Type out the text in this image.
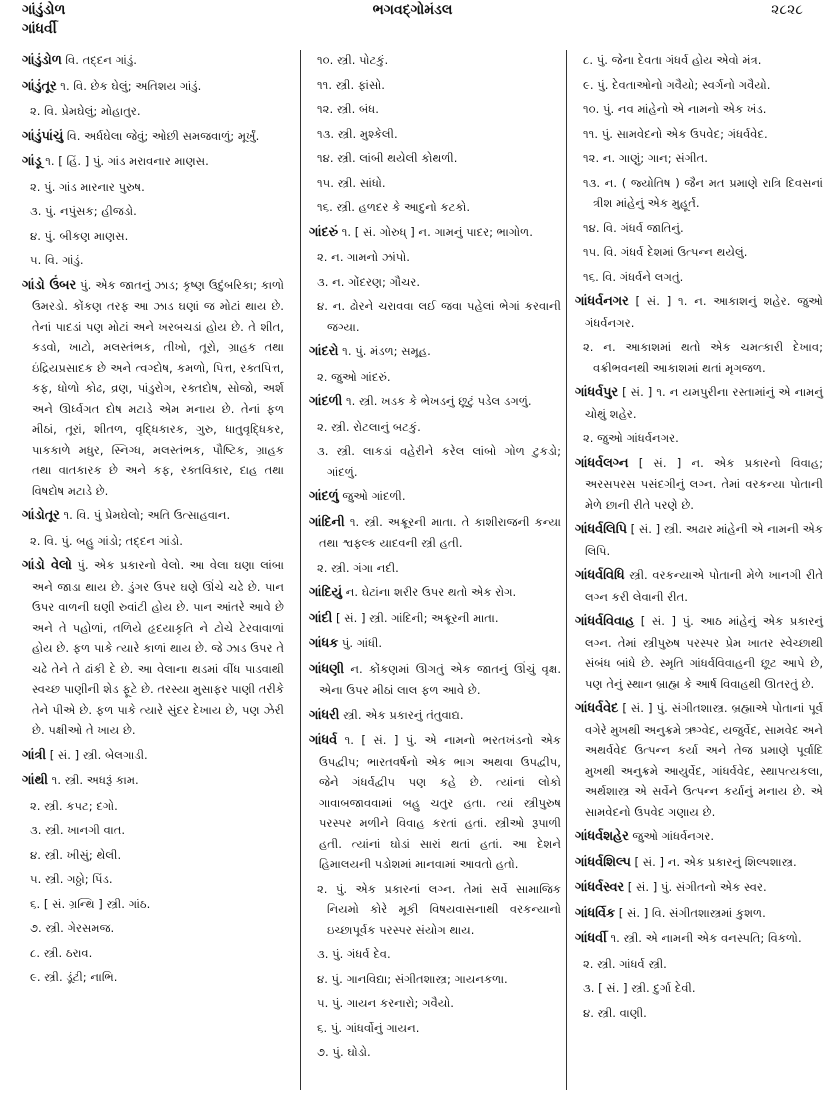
ગાંડુંડોળ
ગાંધર્વી
ભગવદ્ગોમંડલ	૨૮૨૮
ગાંડુંડોળ વિ. તદ્દન ગાંડું.
ગાંડુંતૂર ૧. વિ. છેક ઘેલું; અતિશય ગાંડું.
૨. વિ. પ્રેમઘેલું; મોહાતુર.
ગાંડુંપાંચું વિ. અર્ધઘેલા જેવું; ઓછી સમજવાળું; મૂર્ખું.
ગાંડૂ ૧. [ હિં. ] પું. ગાંડ મરાવનાર માણસ.
૨. પું. ગાંડ મારનાર પુરુષ.
૩. પું. નપુંસક; હીજડો.
૪. પું. બીકણ માણસ.
૫. વિ. ગાંડું.
ગાંડો ઉંબર પું. એક જાતનું ઝાડ; કૃષ્ણ ઉદુંબરિકા; કાળો ઉમરડો. કોંકણ તરફ આ ઝાડ ઘણાં જ મોટાં થાય છે. તેનાં પાદડાં પણ મોટાં અને ખરબચડાં હોય છે. તે શીત, કડવો, ખાટો, મલસ્તંભક, તીખો, તૂરો, ગ્રાહક તથા ઇંદ્રિયપ્રસાદક છે અને ત્વગ્દોષ, કમળો, પિત્ત, રક્તપિત્ત, કફ, ધોળો કોઢ, વ્રણ, પાંડુરોગ, રક્તદોષ, સોજો, અર્શ અને ઊર્ધ્વગત દોષ મટાડે એમ મનાય છે. તેનાં ફળ મીઠાં, તૂરાં, શીતળ, વૃદ્ધિકારક, ગુરુ, ધાતુવૃદ્ધિકર, પાકકાળે મધુર, સ્નિગ્ધ, મલસ્તંભક, પૌષ્ટિક, ગ્રાહક તથા વાતકારક છે અને કફ, રક્તવિકાર, દાહ તથા વિષદોષ મટાડે છે.
ગાંડોતૂર ૧. વિ. પું પ્રેમઘેલો; અતિ ઉત્સાહવાન.
૨. વિ. પું. બહુ ગાંડો; તદ્દન ગાંડો.
ગાંડો વેલો પું. એક પ્રકારનો વેલો. આ વેલા ઘણા લાંબા અને જાડા થાય છે. ડુંગર ઉપર ઘણે ઊંચે ચઢે છે. પાન ઉપર વાળની ઘણી રુવાંટી હોય છે. પાન આંતરે આવે છે અને તે પહોળાં, તળિયે હૃદયાકૃતિ ને ટોચે ટેરવાવાળાં હોય છે. ફળ પાકે ત્યારે કાળાં થાય છે. જે ઝાડ ઉપર તે ચઢે તેને તે ઢાંકી દે છે. આ વેલાના થડમાં વીંધ પાડવાથી સ્વચ્છ પાણીની શેડ ફૂટે છે. તરસ્યા મુસાફર પાણી તરીકે તેને પીએ છે. ફળ પાકે ત્યારે સુંદર દેખાય છે, પણ ઝેરી છે. પક્ષીઓ તે ખાય છે.
ગાંત્રી [ સં. ] સ્ત્રી. બેલગાડી.
ગાંથી ૧. સ્ત્રી. અધરૂં કામ.
૨. સ્ત્રી. કપટ; દગો.
૩. સ્ત્રી. ખાનગી વાત.
૪. સ્ત્રી. ખીસું; થેલી.
૫. સ્ત્રી. ગઠ્ઠો; પિંડ.
૬. [ સં. ગ્રન્થિ ] સ્ત્રી. ગાંઠ.
૭. સ્ત્રી. ગેરસમજ.
૮. સ્ત્રી. ઠરાવ.
૯. સ્ત્રી. ડૂંટી; નાભિ.
૧૦. સ્ત્રી. પોટકું.
૧૧. સ્ત્રી. ફાંસો.
૧૨. સ્ત્રી. બંધ.
૧૩. સ્ત્રી. મુશ્કેલી.
૧૪. સ્ત્રી. લાંબી થયેલી કોથળી.
૧૫. સ્ત્રી. સાંધો.
૧૬. સ્ત્રી. હળદર કે આદુનો કટકો.
ગાંદરું ૧. [ સં. ગોરુધ્ ] ન. ગામનું પાદર; ભાગોળ.
૨. ન. ગામનો ઝાંપો.
૩. ન. ગોંદરણ; ગૌચર.
૪. ન. ઢોરને ચરાવવા લઈ જવા પહેલાં ભેગાં કરવાની જગ્યા.
ગાંદરો ૧. પું. મંડળ; સમૂહ.
૨. જુઓ ગાંદરું.
ગાંદળી ૧. સ્ત્રી. ખડક કે ભેખડનું છૂટું પડેલ ડગળું.
૨. સ્ત્રી. રોટલાનું બટકું.
૩. સ્ત્રી. લાકડાં વહેરીને કરેલ લાંબો ગોળ ટુકડો; ગાંદળું.
ગાંદળું જુઓ ગાંદળી.
ગાંદિની ૧. સ્ત્રી. અક્રૂરની માતા. તે કાશીરાજની કન્યા તથા શ્વફલ્ક યાદવની સ્ત્રી હતી.
૨. સ્ત્રી. ગંગા નદી.
ગાંદિયું ન. ઘેટાંના શરીર ઉપર થતો એક રોગ.
ગાંદી [ સં. ] સ્ત્રી. ગાંદિની; અક્રૂરની માતા.
ગાંધક પું. ગાંધી.
ગાંધણી ન. કોંકણમાં ઊગતું એક જાતનું ઊંચું વૃક્ષ. એના ઉપર મીઠાં લાલ ફળ આવે છે.
ગાંધરી સ્ત્રી. એક પ્રકારનું તંતુવાદ્ય.
ગાંધર્વ ૧. [ સં. ] પું. એ નામનો ભરતખંડનો એક ઉપદ્વીપ; ભારતવર્ષનો એક ભાગ અથવા ઉપદ્વીપ, જેને ગંધર્વદ્વીપ પણ કહે છે. ત્યાંનાં લોકો ગાવાબજાવવામાં બહુ ચતુર હતા. ત્યાં સ્ત્રીપુરુષ પરસ્પર મળીને વિવાહ કરતાં હતાં. સ્ત્રીઓ રૂપાળી હતી. ત્યાંનાં ઘોડાં સારાં થતાં હતાં. આ દેશને હિમાલયની પડોશમાં માનવામાં આવતો હતો.
૨. પું. એક પ્રકારનાં લગ્ન. તેમાં સર્વે સામાજિક નિયમો કોરે મૂકી વિષયવાસનાથી વરકન્યાનો ઇચ્છાપૂર્વક પરસ્પર સંયોગ થાય.
૩. પું. ગંધર્વ દેવ.
૪. પું. ગાનવિદ્યા; સંગીતશાસ્ત્ર; ગાયનકળા.
૫. પું. ગાયન કરનારો; ગવૈયો.
૬. પું. ગાંધર્વોનું ગાયન.
૭. પું. ઘોડો.
૮. પું. જેના દેવતા ગંધર્વ હોય એવો મંત્ર.
૯. પું. દેવતાઓનો ગવૈયો; સ્વર્ગનો ગવૈયો.
૧૦. પું. નવ માંહેનો એ નામનો એક ખંડ.
૧૧. પું. સામવેદનો એક ઉપવેદ; ગંધર્વવેદ.
૧૨. ન. ગાણું; ગાન; સંગીત.
૧૩. ન. ( જ્યોતિષ ) જૈન મત પ્રમાણે રાત્રિ દિવસનાં ત્રીશ માંહેનું એક મુહૂર્ત.
૧૪. વિ. ગંધર્વ જાતિનું.
૧૫. વિ. ગંધર્વ દેશમાં ઉત્પન્ન થયેલું.
૧૬. વિ. ગંધર્વને લગતું.
ગાંધર્વનગર [ સં. ] ૧. ન. આકાશનું શહેર. જુઓ ગંધર્વનગર.
૨. ન. આકાશમાં થતો એક ચમત્કારી દેખાવ; વક્રીભવનથી આકાશમાં થતાં મૃગજળ.
ગાંધર્વપુર [ સં. ] ૧. ન યમપુરીના રસ્તામાંનું એ નામનું ચોથું શહેર.
૨. જુઓ ગાંધર્વનગર.
ગાંધર્વલગ્ન [ સં. ] ન. એક પ્રકારનો વિવાહ; અરસપરસ પસંદગીનું લગ્ન. તેમાં વરકન્યા પોતાની મેળે છાની રીતે પરણે છે.
ગાંધર્વલિપિ [ સં. ] સ્ત્રી. અઢાર માંહેની એ નામની એક લિપિ.
ગાંધર્વવિધિ સ્ત્રી. વરકન્યાએ પોતાની મેળે ખાનગી રીતે લગ્ન કરી લેવાની રીત.
ગાંધર્વવિવાહ [ સં. ] પું. આઠ માંહેનું એક પ્રકારનું લગ્ન. તેમાં સ્ત્રીપુરુષ પરસ્પર પ્રેમ ખાતર સ્વેચ્છાથી સંબંધ બાંધે છે. સ્મૃતિ ગાંધર્વવિવાહની છૂટ આપે છે, પણ તેનું સ્થાન બ્રાહ્મ કે આર્ષ વિવાહથી ઊતરતું છે.
ગાંધર્વવેદ [ સં. ] પું. સંગીતશાસ્ત્ર. બ્રહ્માએ પોતાનાં પૂર્વ વગેરે મુખથી અનુક્રમે ઋગ્વેદ, યજુર્વેદ, સામવેદ અને અથર્વવેદ ઉત્પન્ન કર્યા અને તેજ પ્રમાણે પૂર્વાદિ મુખથી અનુક્રમે આયુર્વેદ, ગાંધર્વવેદ, સ્થાપત્યકલા, અર્થશાસ્ત્ર એ સર્વેને ઉત્પન્ન કર્યાનું મનાય છે. એ સામવેદનો ઉપવેદ ગણાય છે.
ગાંધર્વશહેર જુઓ ગાંધર્વનગર.
ગાંધર્વશિલ્પ [ સં. ] ન. એક પ્રકારનું શિલ્પશાસ્ત્ર.
ગાંધર્વસ્વર [ સં. ] પું. સંગીતનો એક સ્વર.
ગાંધર્વિક [ સં. ] વિ. સંગીતશાસ્ત્રમાં કુશળ.
ગાંધર્વી ૧. સ્ત્રી. એ નામની એક વનસ્પતિ; વિકળો.
૨. સ્ત્રી. ગાંધર્વ સ્ત્રી.
૩. [ સં. ] સ્ત્રી. દુર્ગા દેવી.
૪. સ્ત્રી. વાણી.
